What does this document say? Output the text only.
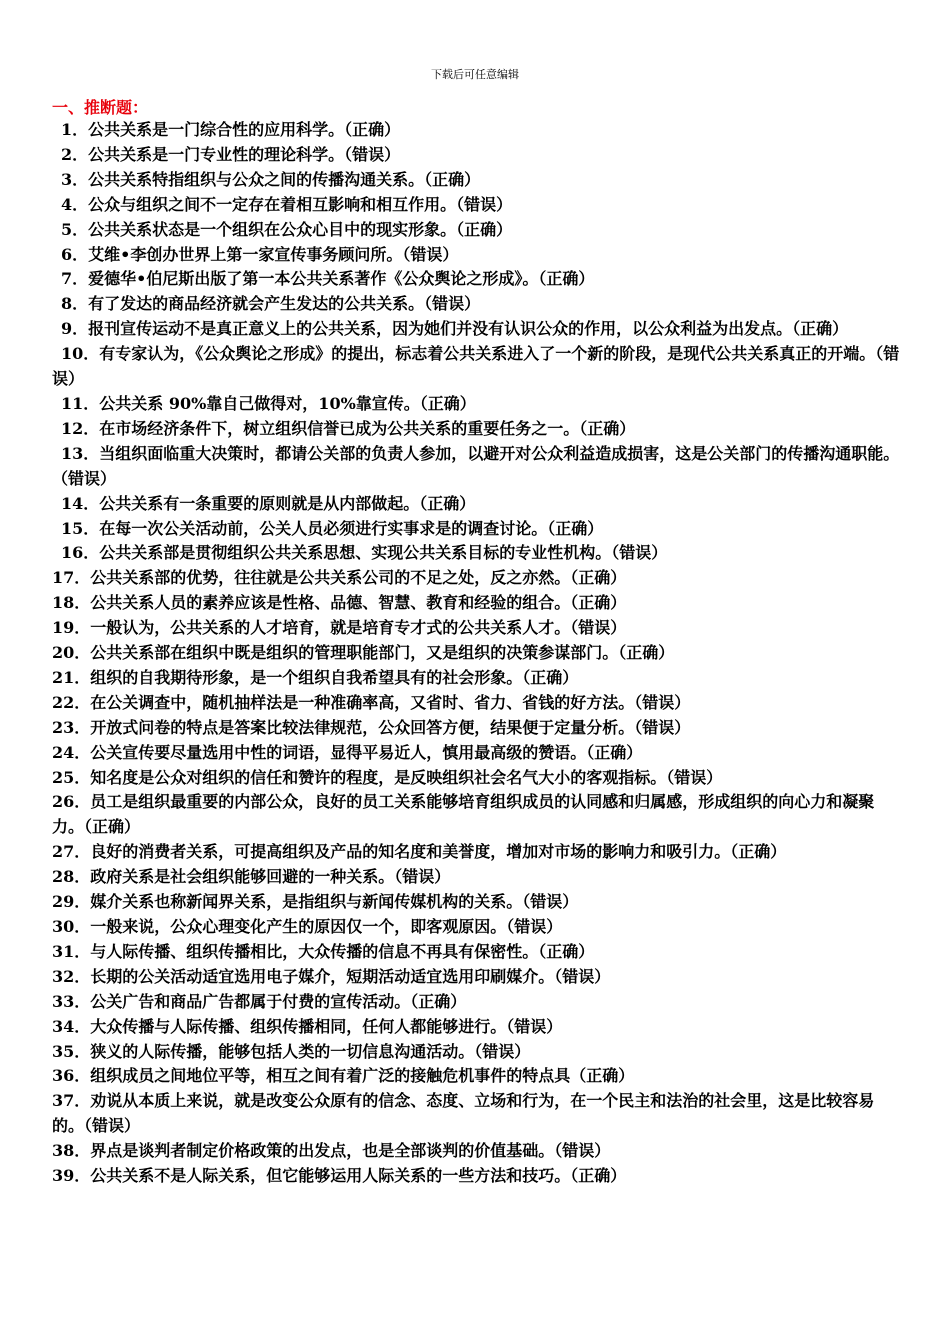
下载后可任意编辑
一、推断题：

1．公共关系是一门综合性的应用科学。（正确）

2．公共关系是一门专业性的理论科学。（错误）

3．公共关系特指组织与公众之间的传播沟通关系。（正确）

4．公众与组织之间不一定存在着相互影响和相互作用。（错误）

5．公共关系状态是一个组织在公众心目中的现实形象。（正确）

6．艾维•李创办世界上第一家宣传事务顾问所。（错误）

7．爱德华•伯尼斯出版了第一本公共关系著作《公众舆论之形成》。（正确）

8．有了发达的商品经济就会产生发达的公共关系。（错误）

9．报刊宣传运动不是真正意义上的公共关系，因为她们并没有认识公众的作用，以公众利益为出发点。（正确）

10．有专家认为，《公众舆论之形成》的提出，标志着公共关系进入了一个新的阶段，是现代公共关系真正的开端。（错误）

11．公共关系 90%靠自己做得对，10%靠宣传。（正确）

12．在市场经济条件下，树立组织信誉已成为公共关系的重要任务之一。（正确）

13．当组织面临重大决策时，都请公关部的负责人参加，以避开对公众利益造成损害，这是公关部门的传播沟通职能。（错误）

14．公共关系有一条重要的原则就是从内部做起。（正确）

15．在每一次公关活动前，公关人员必须进行实事求是的调查讨论。（正确）

16．公共关系部是贯彻组织公共关系思想、实现公共关系目标的专业性机构。（错误）

17．公共关系部的优势，往往就是公共关系公司的不足之处，反之亦然。（正确）

18．公共关系人员的素养应该是性格、品德、智慧、教育和经验的组合。（正确）

19．一般认为，公共关系的人才培育，就是培育专才式的公共关系人才。（错误）

20．公共关系部在组织中既是组织的管理职能部门，又是组织的决策参谋部门。（正确）

21．组织的自我期待形象，是一个组织自我希望具有的社会形象。（正确）

22．在公关调查中，随机抽样法是一种准确率高，又省时、省力、省钱的好方法。（错误）

23．开放式问卷的特点是答案比较法律规范，公众回答方便，结果便于定量分析。（错误）

24．公关宣传要尽量选用中性的词语，显得平易近人，慎用最高级的赞语。（正确）

25．知名度是公众对组织的信任和赞许的程度，是反映组织社会名气大小的客观指标。（错误）

26．员工是组织最重要的内部公众，良好的员工关系能够培育组织成员的认同感和归属感，形成组织的向心力和凝聚力。（正确）

27．良好的消费者关系，可提高组织及产品的知名度和美誉度，增加对市场的影响力和吸引力。（正确）

28．政府关系是社会组织能够回避的一种关系。（错误）

29．媒介关系也称新闻界关系，是指组织与新闻传媒机构的关系。（错误）

30．一般来说，公众心理变化产生的原因仅一个，即客观原因。（错误）

31．与人际传播、组织传播相比，大众传播的信息不再具有保密性。（正确）

32．长期的公关活动适宜选用电子媒介，短期活动适宜选用印刷媒介。（错误）

33．公关广告和商品广告都属于付费的宣传活动。（正确）

34．大众传播与人际传播、组织传播相同，任何人都能够进行。（错误）

35．狭义的人际传播，能够包括人类的一切信息沟通活动。（错误）

36．组织成员之间地位平等，相互之间有着广泛的接触危机事件的特点具（正确）

37．劝说从本质上来说，就是改变公众原有的信念、态度、立场和行为，在一个民主和法治的社会里，这是比较容易的。（错误）

38．界点是谈判者制定价格政策的出发点，也是全部谈判的价值基础。（错误）

39．公共关系不是人际关系，但它能够运用人际关系的一些方法和技巧。（正确）
